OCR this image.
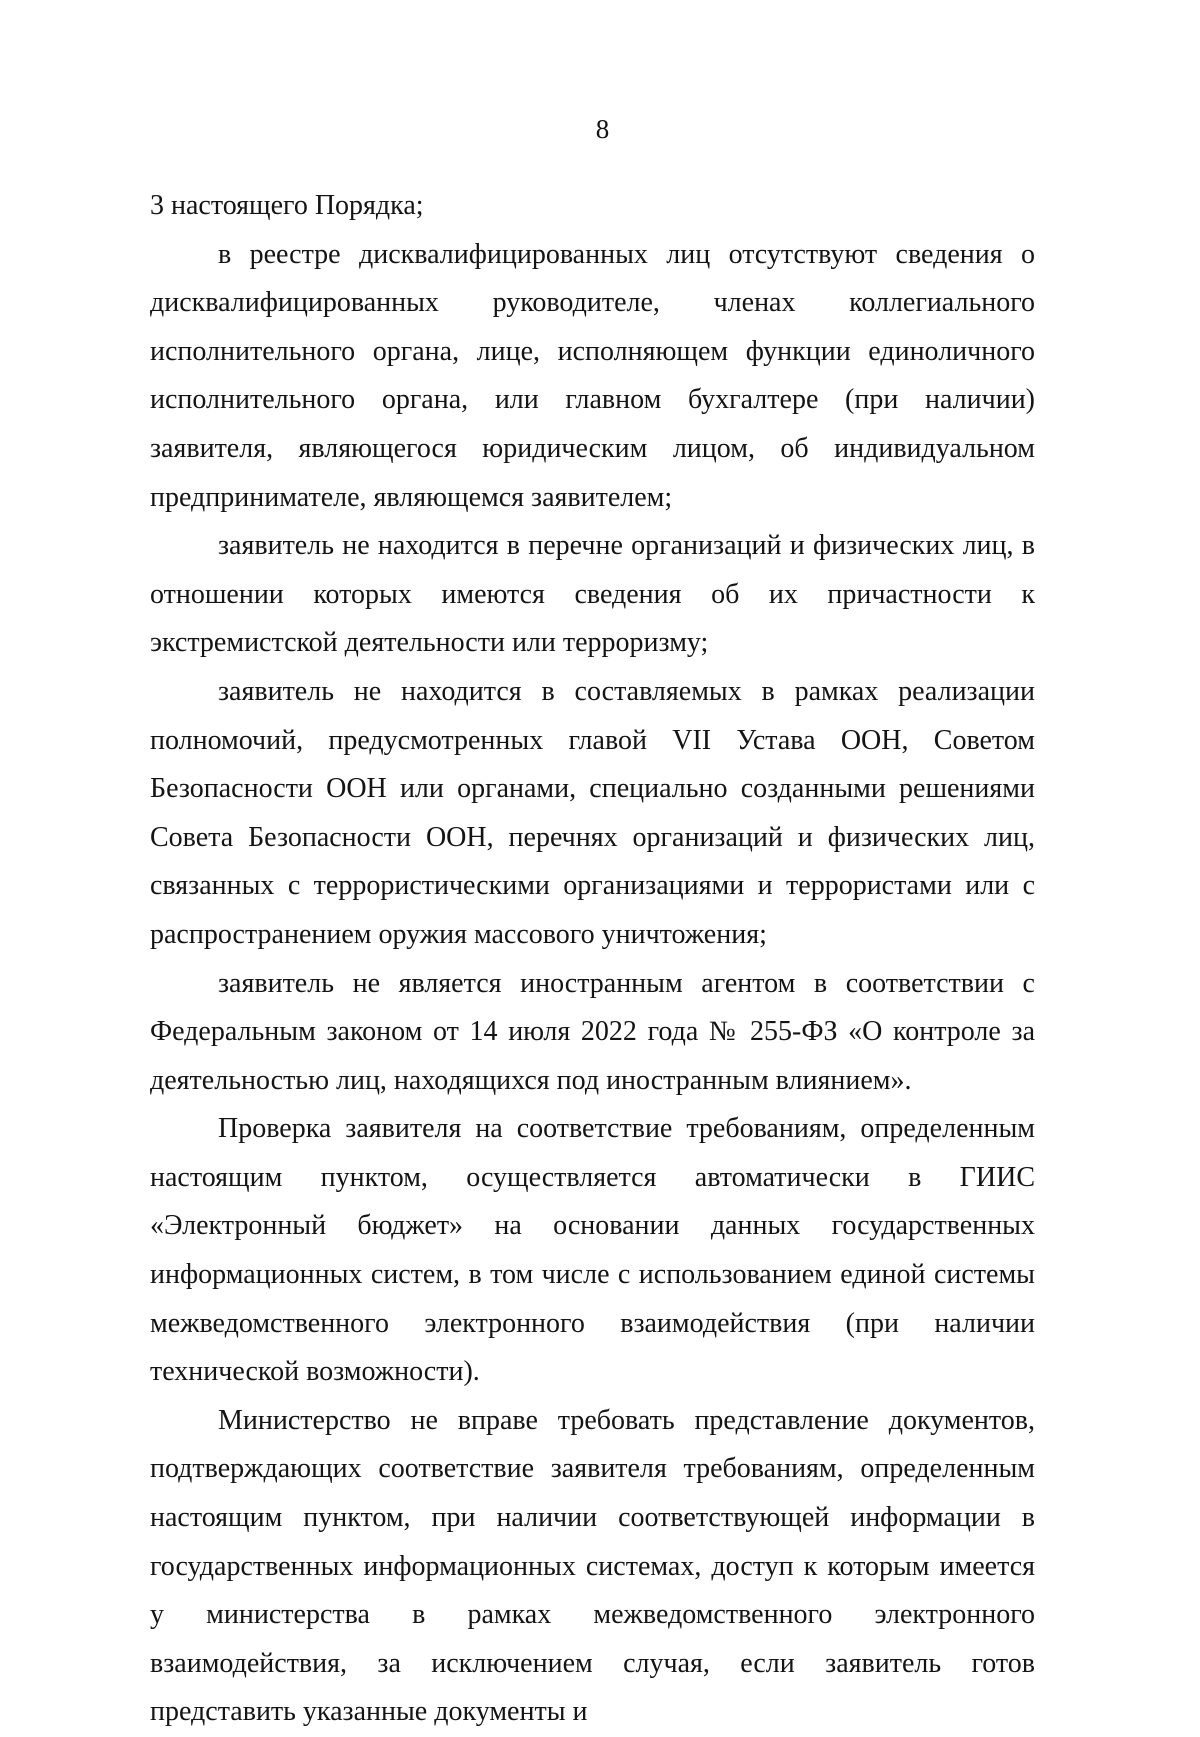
8

3 настоящего Порядка;

в реестре дисквалифицированных лиц отсутствуют сведения о дисквалифицированных руководителе, членах коллегиального исполнительного органа, лице, исполняющем функции единоличного исполнительного органа, или главном бухгалтере (при наличии) заявителя, являющегося юридическим лицом, об индивидуальном предпринимателе, являющемся заявителем;

заявитель не находится в перечне организаций и физических лиц, в отношении которых имеются сведения об их причастности к экстремистской деятельности или терроризму;

заявитель не находится в составляемых в рамках реализации полномочий, предусмотренных главой VII Устава ООН, Советом Безопасности ООН или органами, специально созданными решениями Совета Безопасности ООН, перечнях организаций и физических лиц, связанных с террористическими организациями и террористами или с распространением оружия массового уничтожения;

заявитель не является иностранным агентом в соответствии с Федеральным законом от 14 июля 2022 года № 255-ФЗ «О контроле за деятельностью лиц, находящихся под иностранным влиянием».

Проверка заявителя на соответствие требованиям, определенным настоящим пунктом, осуществляется автоматически в ГИИС «Электронный бюджет» на основании данных государственных информационных систем, в том числе с использованием единой системы межведомственного электронного взаимодействия (при наличии технической возможности).

Министерство не вправе требовать представление документов, подтверждающих соответствие заявителя требованиям, определенным настоящим пунктом, при наличии соответствующей информации в государственных информационных системах, доступ к которым имеется у министерства в рамках межведомственного электронного взаимодействия, за исключением случая, если заявитель готов представить указанные документы и
